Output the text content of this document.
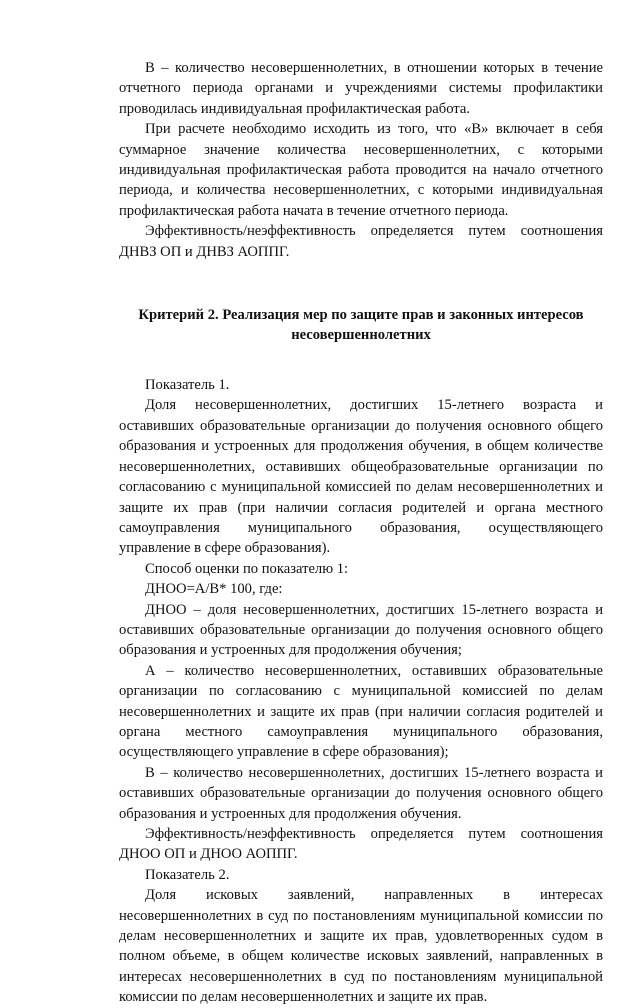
В – количество несовершеннолетних, в отношении которых в течение отчетного периода органами и учреждениями системы профилактики проводилась индивидуальная профилактическая работа.

При расчете необходимо исходить из того, что «В» включает в себя суммарное значение количества несовершеннолетних, с которыми индивидуальная профилактическая работа проводится на начало отчетного периода, и количества несовершеннолетних, с которыми индивидуальная профилактическая работа начата в течение отчетного периода.

Эффективность/неэффективность определяется путем соотношения ДНВЗ ОП и ДНВЗ АОППГ.

Критерий 2. Реализация мер по защите прав и законных интересов несовершеннолетних

Показатель 1.

Доля несовершеннолетних, достигших 15-летнего возраста и оставивших образовательные организации до получения основного общего образования и устроенных для продолжения обучения, в общем количестве несовершеннолетних, оставивших общеобразовательные организации по согласованию с муниципальной комиссией по делам несовершеннолетних и защите их прав (при наличии согласия родителей и органа местного самоуправления муниципального образования, осуществляющего управление в сфере образования).

Способ оценки по показателю 1:

ДНОО=А/В* 100, где:

ДНОО – доля несовершеннолетних, достигших 15-летнего возраста и оставивших образовательные организации до получения основного общего образования и устроенных для продолжения обучения;

А – количество несовершеннолетних, оставивших образовательные организации по согласованию с муниципальной комиссией по делам несовершеннолетних и защите их прав (при наличии согласия родителей и органа местного самоуправления муниципального образования, осуществляющего управление в сфере образования);

В – количество несовершеннолетних, достигших 15-летнего возраста и оставивших образовательные организации до получения основного общего образования и устроенных для продолжения обучения.

Эффективность/неэффективность определяется путем соотношения ДНОО ОП и ДНОО АОППГ.

Показатель 2.

Доля исковых заявлений, направленных в интересах несовершеннолетних в суд по постановлениям муниципальной комиссии по делам несовершеннолетних и защите их прав, удовлетворенных судом в полном объеме, в общем количестве исковых заявлений, направленных в интересах несовершеннолетних в суд по постановлениям муниципальной комиссии по делам несовершеннолетних и защите их прав.
